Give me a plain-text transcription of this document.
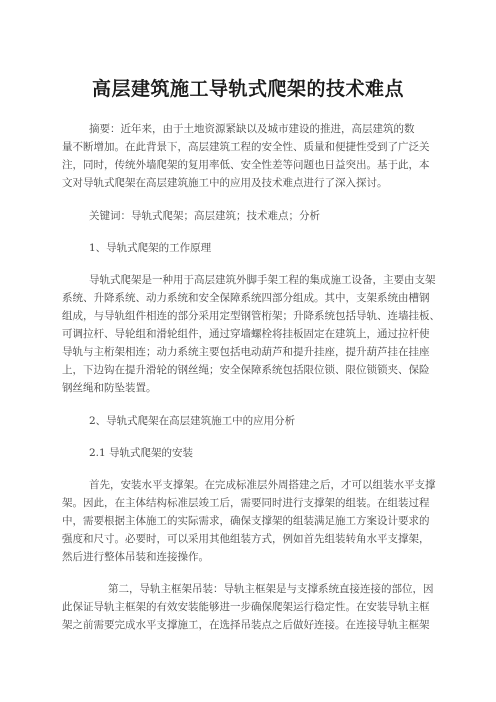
高层建筑施工导轨式爬架的技术难点
摘要：近年来，由于土地资源紧缺以及城市建设的推进，高层建筑的数
量不断增加。在此背景下，高层建筑工程的安全性、质量和便捷性受到了广泛关
注，同时，传统外墙爬架的复用率低、安全性差等问题也日益突出。基于此，本
文对导轨式爬架在高层建筑施工中的应用及技术难点进行了深入探讨。
关键词：导轨式爬架；高层建筑；技术难点；分析
1、导轨式爬架的工作原理
导轨式爬架是一种用于高层建筑外脚手架工程的集成施工设备，主要由支架
系统、升降系统、动力系统和安全保障系统四部分组成。其中，支架系统由槽钢
组成，与导轨组件相连的部分采用定型钢管桁架；升降系统包括导轨、连墙挂板、
可调拉杆、导轮组和滑轮组件，通过穿墙螺栓将挂板固定在建筑上，通过拉杆使
导轨与主桁架相连；动力系统主要包括电动葫芦和提升挂座，提升葫芦挂在挂座
上，下边钩在提升滑轮的钢丝绳；安全保障系统包括限位锁、限位锁锁夹、保险
钢丝绳和防坠装置。
2、导轨式爬架在高层建筑施工中的应用分析
2.1 导轨式爬架的安装
首先，安装水平支撑架。在完成标准层外周搭建之后，才可以组装水平支撑
架。因此，在主体结构标准层竣工后，需要同时进行支撑架的组装。在组装过程
中，需要根据主体施工的实际需求，确保支撑架的组装满足施工方案设计要求的
强度和尺寸。必要时，可以采用其他组装方式，例如首先组装转角水平支撑架，
然后进行整体吊装和连接操作。
第二，导轨主框架吊装：导轨主框架是与支撑系统直接连接的部位，因
此保证导轨主框架的有效安装能够进一步确保爬架运行稳定性。在安装导轨主框
架之前需要完成水平支撑施工，在选择吊装点之后做好连接。在连接导轨主框架
